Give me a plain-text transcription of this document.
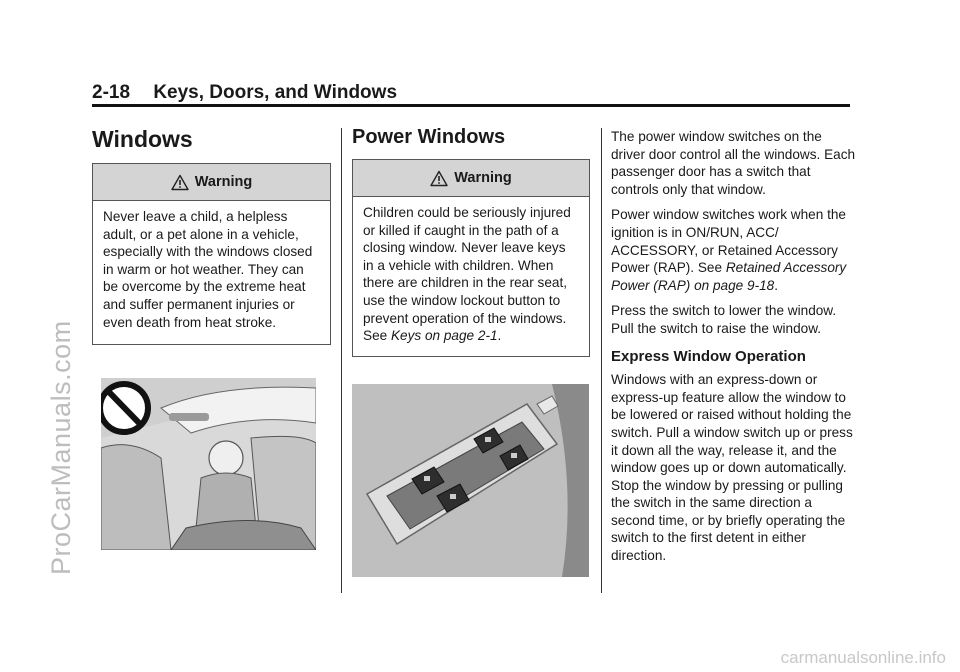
2-18 Keys, Doors, and Windows
Windows
Warning
Never leave a child, a helpless adult, or a pet alone in a vehicle, especially with the windows closed in warm or hot weather. They can be overcome by the extreme heat and suffer permanent injuries or even death from heat stroke.
Power Windows
Warning
Children could be seriously injured or killed if caught in the path of a closing window. Never leave keys in a vehicle with children. When there are children in the rear seat, use the window lockout button to prevent operation of the windows. See Keys on page 2-1.

The power window switches on the driver door control all the windows. Each passenger door has a switch that controls only that window.

Power window switches work when the ignition is in ON/RUN, ACC/ ACCESSORY, or Retained Accessory Power (RAP). See Retained Accessory Power (RAP) on page 9-18.

Press the switch to lower the window. Pull the switch to raise the window.

Express Window Operation

Windows with an express-down or express-up feature allow the window to be lowered or raised without holding the switch. Pull a window switch up or press it down all the way, release it, and the window goes up or down automatically. Stop the window by pressing or pulling the switch in the same direction a second time, or by briefly operating the switch to the first detent in either direction.

ProCarManuals.com
carmanualsonline.info
